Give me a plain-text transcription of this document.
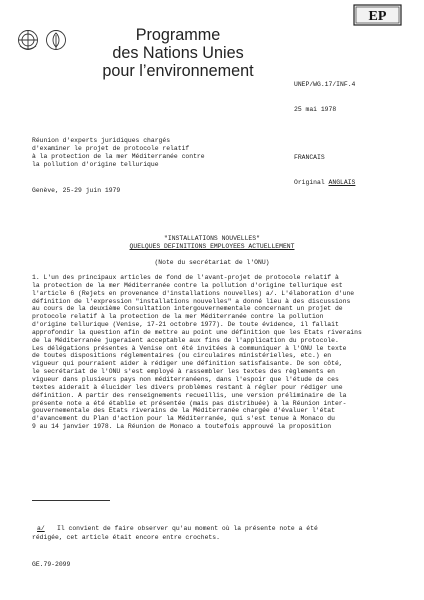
Programme
des Nations Unies
pour l’environnement
EP

UNEP/WG.17/INF.4

25 mai 1978

FRANCAIS

Original ANGLAIS

Réunion d'experts juridiques chargés
d'examiner le projet de protocole relatif
à la protection de la mer Méditerranée contre
la pollution d'origine tellurique
Genève, 25-29 juin 1979
"INSTALLATIONS NOUVELLES"
QUELQUES DEFINITIONS EMPLOYEES ACTUELLEMENT
(Note du secrétariat de l'ONU)
1. L'un des principaux articles de fond de l'avant-projet de protocole relatif à
la protection de la mer Méditerranée contre la pollution d'origine tellurique est
l'article 6 (Rejets en provenance d'installations nouvelles) a/. L'élaboration d'une
définition de l'expression "installations nouvelles" a donné lieu à des discussions
au cours de la deuxième Consultation intergouvernementale concernant un projet de
protocole relatif à la protection de la mer Méditerranée contre la pollution
d'origine tellurique (Venise, 17-21 octobre 1977). De toute évidence, il fallait
approfondir la question afin de mettre au point une définition que les Etats riverains
de la Méditerranée jugeraient acceptable aux fins de l'application du protocole.
Les délégations présentes à Venise ont été invitées à communiquer à l'ONU le texte
de toutes dispositions réglementaires (ou circulaires ministérielles, etc.) en
vigueur qui pourraient aider à rédiger une définition satisfaisante. De son côté,
le secrétariat de l'ONU s'est employé à rassembler les textes des règlements en
vigueur dans plusieurs pays non méditerranéens, dans l'espoir que l'étude de ces
textes aiderait à élucider les divers problèmes restant à régler pour rédiger une
définition. A partir des renseignements recueillis, une version préliminaire de la
présente note a été établie et présentée (mais pas distribuée) à la Réunion inter-
gouvernementale des Etats riverains de la Méditerranée chargée d'évaluer l'état
d'avancement du Plan d'action pour la Méditerranée, qui s'est tenue à Monaco du
9 au 14 janvier 1978. La Réunion de Monaco a toutefois approuvé la proposition
a/ Il convient de faire observer qu'au moment où la présente note a été
rédigée, cet article était encore entre crochets.
GE.79-2099
